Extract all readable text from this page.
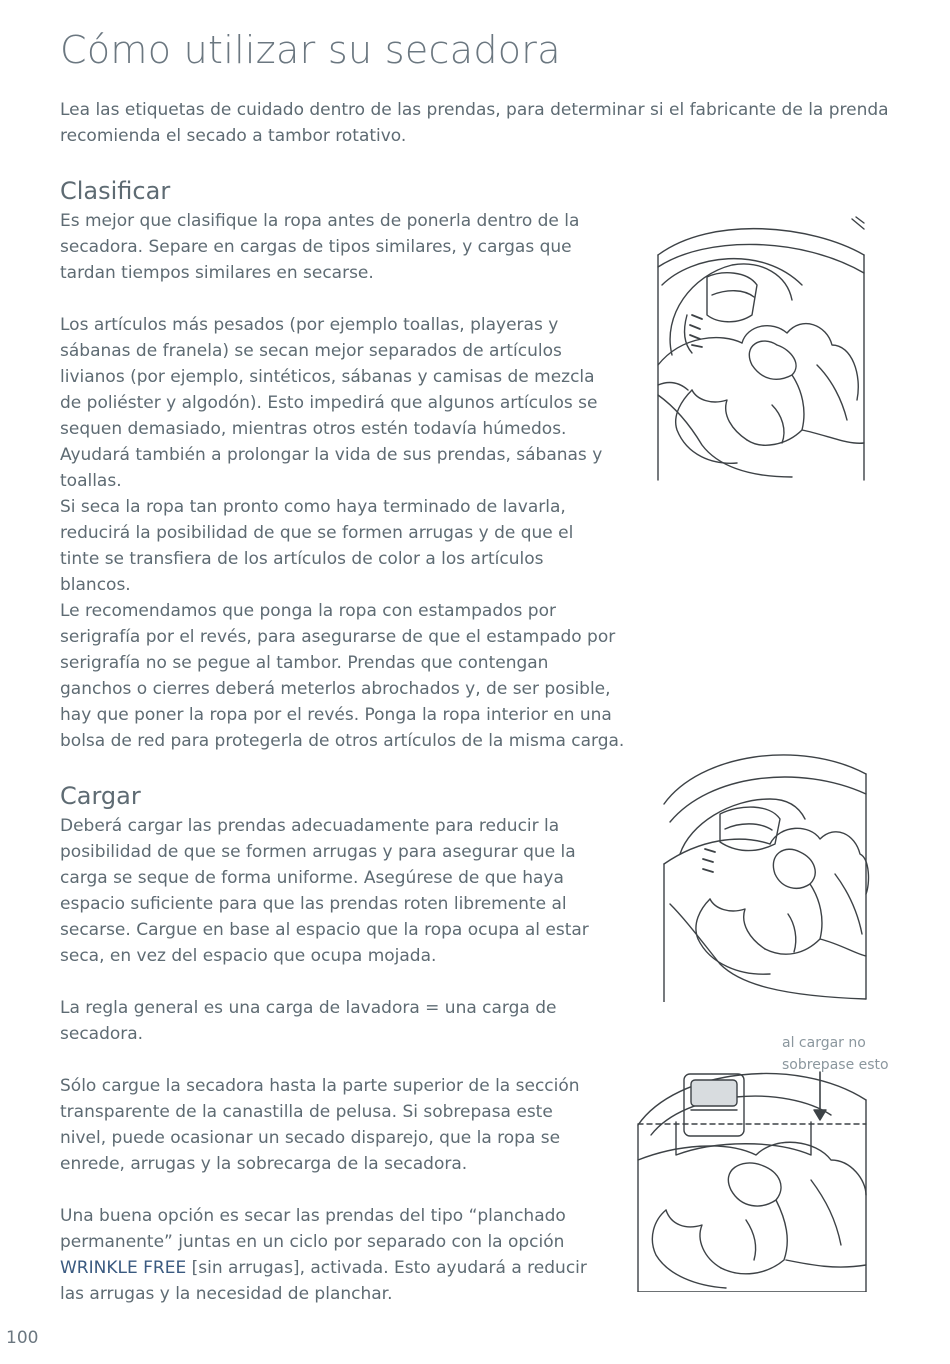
Cómo utilizar su secadora

Lea las etiquetas de cuidado dentro de las prendas, para determinar si el fabricante de la prenda recomienda el secado a tambor rotativo.

Clasificar

Es mejor que clasifique la ropa antes de ponerla dentro de la secadora. Separe en cargas de tipos similares, y cargas que tardan tiempos similares en secarse.

Los artículos más pesados (por ejemplo toallas, playeras y sábanas de franela) se secan mejor separados de artículos livianos (por ejemplo, sintéticos, sábanas y camisas de mezcla de poliéster y algodón). Esto impedirá que algunos artículos se sequen demasiado, mientras otros estén todavía húmedos. Ayudará también a prolongar la vida de sus prendas, sábanas y toallas.

Si seca la ropa tan pronto como haya terminado de lavarla, reducirá la posibilidad de que se formen arrugas y de que el tinte se transfiera de los artículos de color a los artículos blancos.

Le recomendamos que ponga la ropa con estampados por serigrafía por el revés, para asegurarse de que el estampado por serigrafía no se pegue al tambor. Prendas que contengan ganchos o cierres deberá meterlos abrochados y, de ser posible, hay que poner la ropa por el revés. Ponga la ropa interior en una bolsa de red para protegerla de otros artículos de la misma carga.

Cargar

Deberá cargar las prendas adecuadamente para reducir la posibilidad de que se formen arrugas y para asegurar que la carga se seque de forma uniforme. Asegúrese de que haya espacio suficiente para que las prendas roten libremente al secarse. Cargue en base al espacio que la ropa ocupa al estar seca, en vez del espacio que ocupa mojada.

La regla general es una carga de lavadora = una carga de secadora.

Sólo cargue la secadora hasta la parte superior de la sección transparente de la canastilla de pelusa. Si sobrepasa este nivel, puede ocasionar un secado disparejo, que la ropa se enrede, arrugas y la sobrecarga de la secadora.

Una buena opción es secar las prendas del tipo “planchado permanente” juntas en un ciclo por separado con la opción WRINKLE FREE [sin arrugas], activada. Esto ayudará a reducir las arrugas y la necesidad de planchar.

al cargar no sobrepase esto

100
